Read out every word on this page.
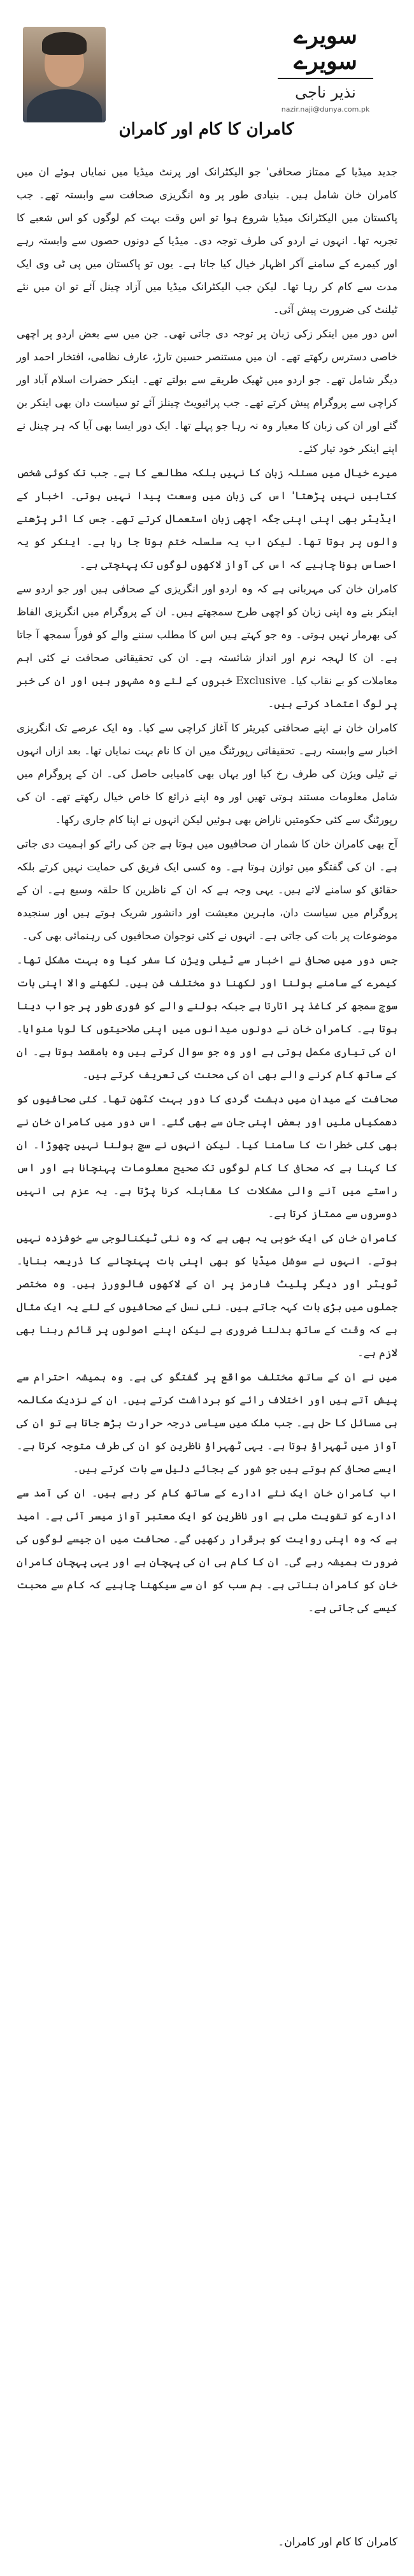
سویرے سویرے
نذیر ناجی
nazir.naji@dunya.com.pk
کامران کا کام اور کامران

جدید میڈیا کے ممتاز صحافی' جو الیکٹرانک اور پرنٹ میڈیا میں نمایاں ہوئے ان میں کامران خان شامل ہیں۔ بنیادی طور پر وہ انگریزی صحافت سے وابستہ تھے۔ جب پاکستان میں الیکٹرانک میڈیا شروع ہوا تو اس وقت بہت کم لوگوں کو اس شعبے کا تجربہ تھا۔ انہوں نے اردو کی طرف توجہ دی۔ میڈیا کے دونوں حصوں سے وابستہ رہے اور کیمرے کے سامنے آکر اظہار خیال کیا جاتا ہے۔ یوں تو پاکستان میں پی ٹی وی ایک مدت سے کام کر رہا تھا۔ لیکن جب الیکٹرانک میڈیا میں آزاد چینل آئے تو ان میں نئے ٹیلنٹ کی ضرورت پیش آئی۔

اس دور میں اینکر زکی زبان پر توجہ دی جاتی تھی۔ جن میں سے بعض اردو پر اچھی خاصی دسترس رکھتے تھے۔ ان میں مستنصر حسین تارڑ، عارف نظامی، افتخار احمد اور دیگر شامل تھے۔ جو اردو میں ٹھیک طریقے سے بولتے تھے۔ اینکر حضرات اسلام آباد اور کراچی سے پروگرام پیش کرتے تھے۔ جب پرائیویٹ چینلز آئے تو سیاست دان بھی اینکر بن گئے اور ان کی زبان کا معیار وہ نہ رہا جو پہلے تھا۔ ایک دور ایسا بھی آیا کہ ہر چینل نے اپنے اینکر خود تیار کئے۔

میرے خیال میں مسئلہ زبان کا نہیں بلکہ مطالعے کا ہے۔ جب تک کوئی شخص کتابیں نہیں پڑھتا' اس کی زبان میں وسعت پیدا نہیں ہوتی۔ اخبار کے ایڈیٹر بھی اپنی اپنی جگہ اچھی زبان استعمال کرتے تھے۔ جس کا اثر پڑھنے والوں پر ہوتا تھا۔ لیکن اب یہ سلسلہ ختم ہوتا جا رہا ہے۔ اینکر کو یہ احساس ہونا چاہیے کہ اس کی آواز لاکھوں لوگوں تک پہنچتی ہے۔

کامران خان کی مہربانی ہے کہ وہ اردو اور انگریزی کے صحافی ہیں اور جو اردو سے اینکر بنے وہ اپنی زبان کو اچھی طرح سمجھتے ہیں۔ ان کے پروگرام میں انگریزی الفاظ کی بھرمار نہیں ہوتی۔ وہ جو کہتے ہیں اس کا مطلب سننے والے کو فوراً سمجھ آ جاتا ہے۔ ان کا لہجہ نرم اور انداز شائستہ ہے۔ ان کی تحقیقاتی صحافت نے کئی اہم معاملات کو بے نقاب کیا۔ Exclusive خبروں کے لئے وہ مشہور ہیں اور ان کی خبر پر لوگ اعتماد کرتے ہیں۔

کامران خان نے اپنے صحافتی کیریئر کا آغاز کراچی سے کیا۔ وہ ایک عرصے تک انگریزی اخبار سے وابستہ رہے۔ تحقیقاتی رپورٹنگ میں ان کا نام بہت نمایاں تھا۔ بعد ازاں انہوں نے ٹیلی ویژن کی طرف رخ کیا اور یہاں بھی کامیابی حاصل کی۔ ان کے پروگرام میں شامل معلومات مستند ہوتی تھیں اور وہ اپنے ذرائع کا خاص خیال رکھتے تھے۔ ان کی رپورٹنگ سے کئی حکومتیں ناراض بھی ہوئیں لیکن انہوں نے اپنا کام جاری رکھا۔

آج بھی کامران خان کا شمار ان صحافیوں میں ہوتا ہے جن کی رائے کو اہمیت دی جاتی ہے۔ ان کی گفتگو میں توازن ہوتا ہے۔ وہ کسی ایک فریق کی حمایت نہیں کرتے بلکہ حقائق کو سامنے لاتے ہیں۔ یہی وجہ ہے کہ ان کے ناظرین کا حلقہ وسیع ہے۔ ان کے پروگرام میں سیاست دان، ماہرین معیشت اور دانشور شریک ہوتے ہیں اور سنجیدہ موضوعات پر بات کی جاتی ہے۔ انہوں نے کئی نوجوان صحافیوں کی رہنمائی بھی کی۔

جس دور میں صحافی نے اخبار سے ٹیلی ویژن کا سفر کیا وہ بہت مشکل تھا۔ کیمرے کے سامنے بولنا اور لکھنا دو مختلف فن ہیں۔ لکھنے والا اپنی بات سوچ سمجھ کر کاغذ پر اتارتا ہے جبکہ بولنے والے کو فوری طور پر جواب دینا ہوتا ہے۔ کامران خان نے دونوں میدانوں میں اپنی صلاحیتوں کا لوہا منوایا۔ ان کی تیاری مکمل ہوتی ہے اور وہ جو سوال کرتے ہیں وہ بامقصد ہوتا ہے۔ ان کے ساتھ کام کرنے والے بھی ان کی محنت کی تعریف کرتے ہیں۔

صحافت کے میدان میں دہشت گردی کا دور بہت کٹھن تھا۔ کئی صحافیوں کو دھمکیاں ملیں اور بعض اپنی جان سے بھی گئے۔ اس دور میں کامران خان نے بھی کئی خطرات کا سامنا کیا۔ لیکن انہوں نے سچ بولنا نہیں چھوڑا۔ ان کا کہنا ہے کہ صحافی کا کام لوگوں تک صحیح معلومات پہنچانا ہے اور اس راستے میں آنے والی مشکلات کا مقابلہ کرنا پڑتا ہے۔ یہ عزم ہی انہیں دوسروں سے ممتاز کرتا ہے۔

کامران خان کی ایک خوبی یہ بھی ہے کہ وہ نئی ٹیکنالوجی سے خوفزدہ نہیں ہوتے۔ انہوں نے سوشل میڈیا کو بھی اپنی بات پہنچانے کا ذریعہ بنایا۔ ٹویٹر اور دیگر پلیٹ فارمز پر ان کے لاکھوں فالوورز ہیں۔ وہ مختصر جملوں میں بڑی بات کہہ جاتے ہیں۔ نئی نسل کے صحافیوں کے لئے یہ ایک مثال ہے کہ وقت کے ساتھ بدلنا ضروری ہے لیکن اپنے اصولوں پر قائم رہنا بھی لازم ہے۔

میں نے ان کے ساتھ مختلف مواقع پر گفتگو کی ہے۔ وہ ہمیشہ احترام سے پیش آتے ہیں اور اختلاف رائے کو برداشت کرتے ہیں۔ ان کے نزدیک مکالمہ ہی مسائل کا حل ہے۔ جب ملک میں سیاسی درجہ حرارت بڑھ جاتا ہے تو ان کی آواز میں ٹھہراؤ ہوتا ہے۔ یہی ٹھہراؤ ناظرین کو ان کی طرف متوجہ کرتا ہے۔ ایسے صحافی کم ہوتے ہیں جو شور کے بجائے دلیل سے بات کرتے ہیں۔

اب کامران خان ایک نئے ادارے کے ساتھ کام کر رہے ہیں۔ ان کی آمد سے ادارے کو تقویت ملی ہے اور ناظرین کو ایک معتبر آواز میسر آئی ہے۔ امید ہے کہ وہ اپنی روایت کو برقرار رکھیں گے۔ صحافت میں ان جیسے لوگوں کی ضرورت ہمیشہ رہے گی۔ ان کا کام ہی ان کی پہچان ہے اور یہی پہچان کامران خان کو کامران بناتی ہے۔ ہم سب کو ان سے سیکھنا چاہیے کہ کام سے محبت کیسے کی جاتی ہے۔

کامران کا کام اور کامران۔
